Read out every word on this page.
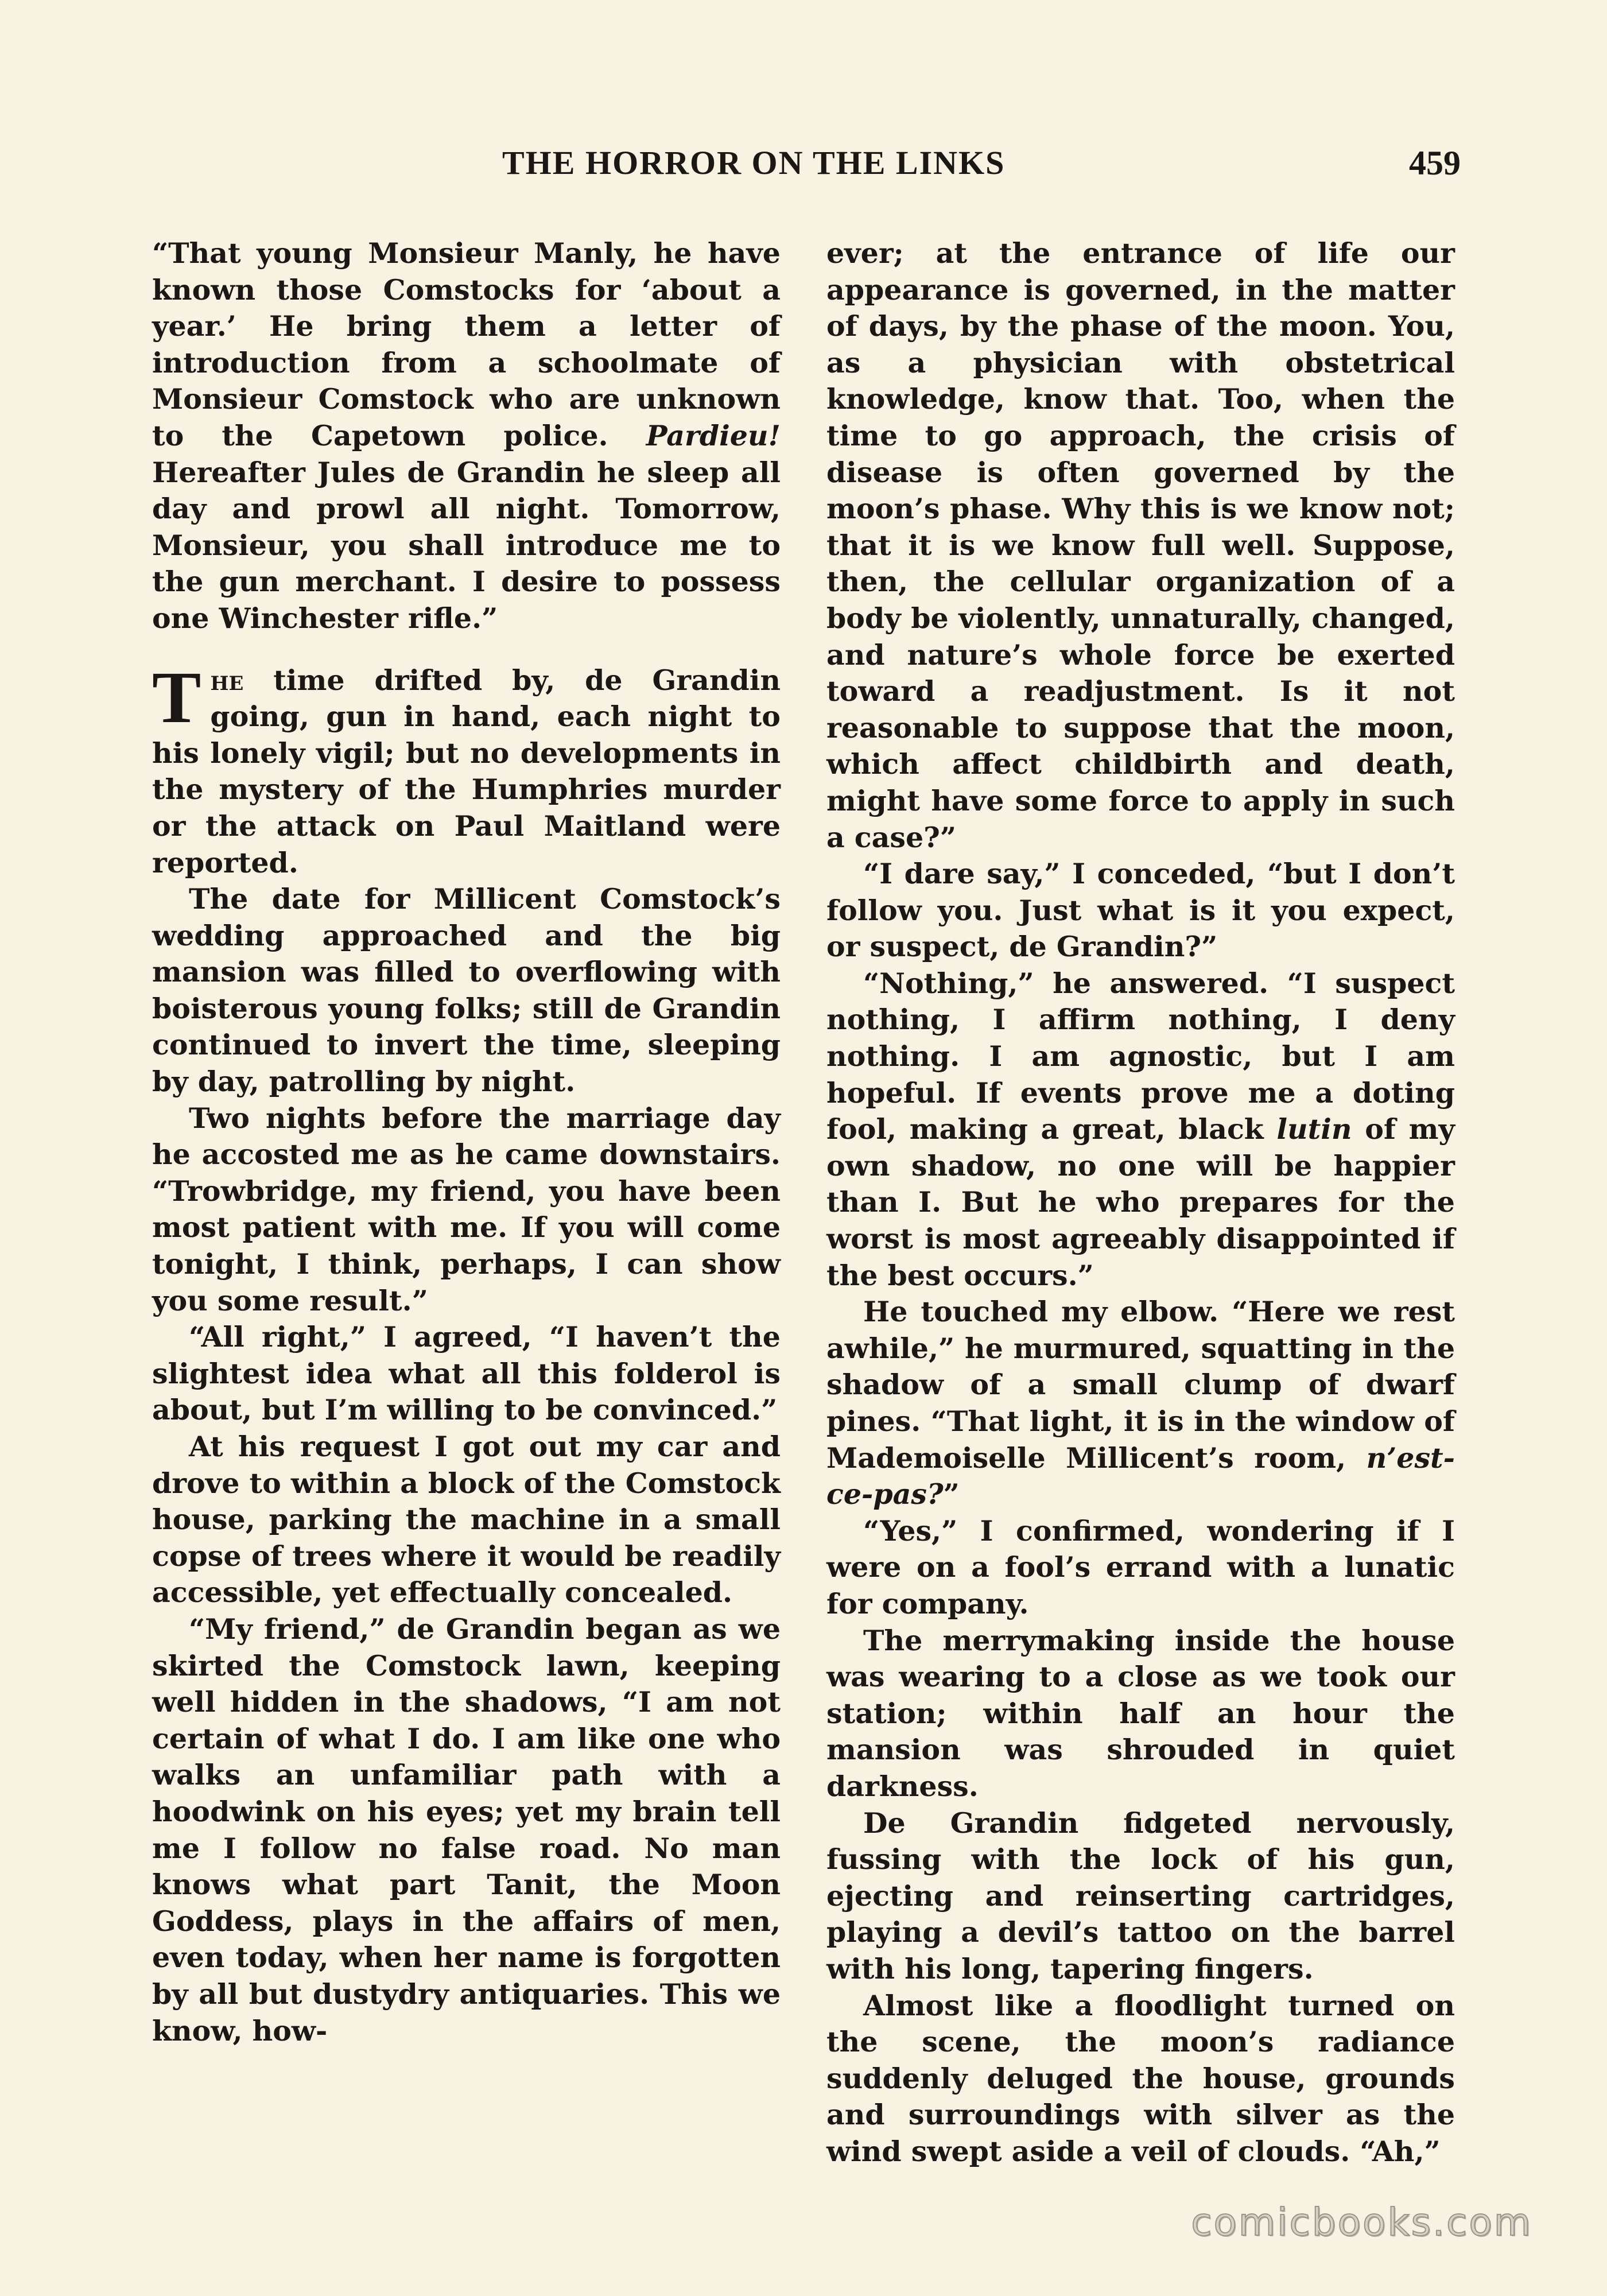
THE HORROR ON THE LINKS	459

“That young Monsieur Manly, he have known those Comstocks for ‘about a year.’ He bring them a letter of introduction from a schoolmate of Monsieur Comstock who are unknown to the Capetown police. Pardieu! Hereafter Jules de Grandin he sleep all day and prowl all night. Tomorrow, Monsieur, you shall introduce me to the gun merchant. I desire to possess one Winchester rifle.”

The time drifted by, de Grandin going, gun in hand, each night to his lonely vigil; but no developments in the mystery of the Humphries murder or the attack on Paul Maitland were reported.

The date for Millicent Comstock’s wedding approached and the big mansion was filled to overflowing with boisterous young folks; still de Grandin continued to invert the time, sleeping by day, patrolling by night.

Two nights before the marriage day he accosted me as he came downstairs. “Trowbridge, my friend, you have been most patient with me. If you will come tonight, I think, perhaps, I can show you some result.”

“All right,” I agreed, “I haven’t the slightest idea what all this folderol is about, but I’m willing to be convinced.”

At his request I got out my car and drove to within a block of the Comstock house, parking the machine in a small copse of trees where it would be readily accessible, yet effectually concealed.

“My friend,” de Grandin began as we skirted the Comstock lawn, keeping well hidden in the shadows, “I am not certain of what I do. I am like one who walks an unfamiliar path with a hoodwink on his eyes; yet my brain tell me I follow no false road. No man knows what part Tanit, the Moon Goddess, plays in the affairs of men, even today, when her name is forgotten by all but dustydry antiquaries. This we know, how-

ever; at the entrance of life our appearance is governed, in the matter of days, by the phase of the moon. You, as a physician with obstetrical knowledge, know that. Too, when the time to go approach, the crisis of disease is often governed by the moon’s phase. Why this is we know not; that it is we know full well. Suppose, then, the cellular organization of a body be violently, unnaturally, changed, and nature’s whole force be exerted toward a readjustment. Is it not reasonable to suppose that the moon, which affect childbirth and death, might have some force to apply in such a case?”

“I dare say,” I conceded, “but I don’t follow you. Just what is it you expect, or suspect, de Grandin?”

“Nothing,” he answered. “I suspect nothing, I affirm nothing, I deny nothing. I am agnostic, but I am hopeful. If events prove me a doting fool, making a great, black lutin of my own shadow, no one will be happier than I. But he who prepares for the worst is most agreeably disappointed if the best occurs.”

He touched my elbow. “Here we rest awhile,” he murmured, squatting in the shadow of a small clump of dwarf pines. “That light, it is in the window of Mademoiselle Millicent’s room, n’est-ce-pas?”

“Yes,” I confirmed, wondering if I were on a fool’s errand with a lunatic for company.

The merrymaking inside the house was wearing to a close as we took our station; within half an hour the mansion was shrouded in quiet darkness.

De Grandin fidgeted nervously, fussing with the lock of his gun, ejecting and reinserting cartridges, playing a devil’s tattoo on the barrel with his long, tapering fingers.

Almost like a floodlight turned on the scene, the moon’s radiance suddenly deluged the house, grounds and surroundings with silver as the wind swept aside a veil of clouds. “Ah,”

comicbooks.com
